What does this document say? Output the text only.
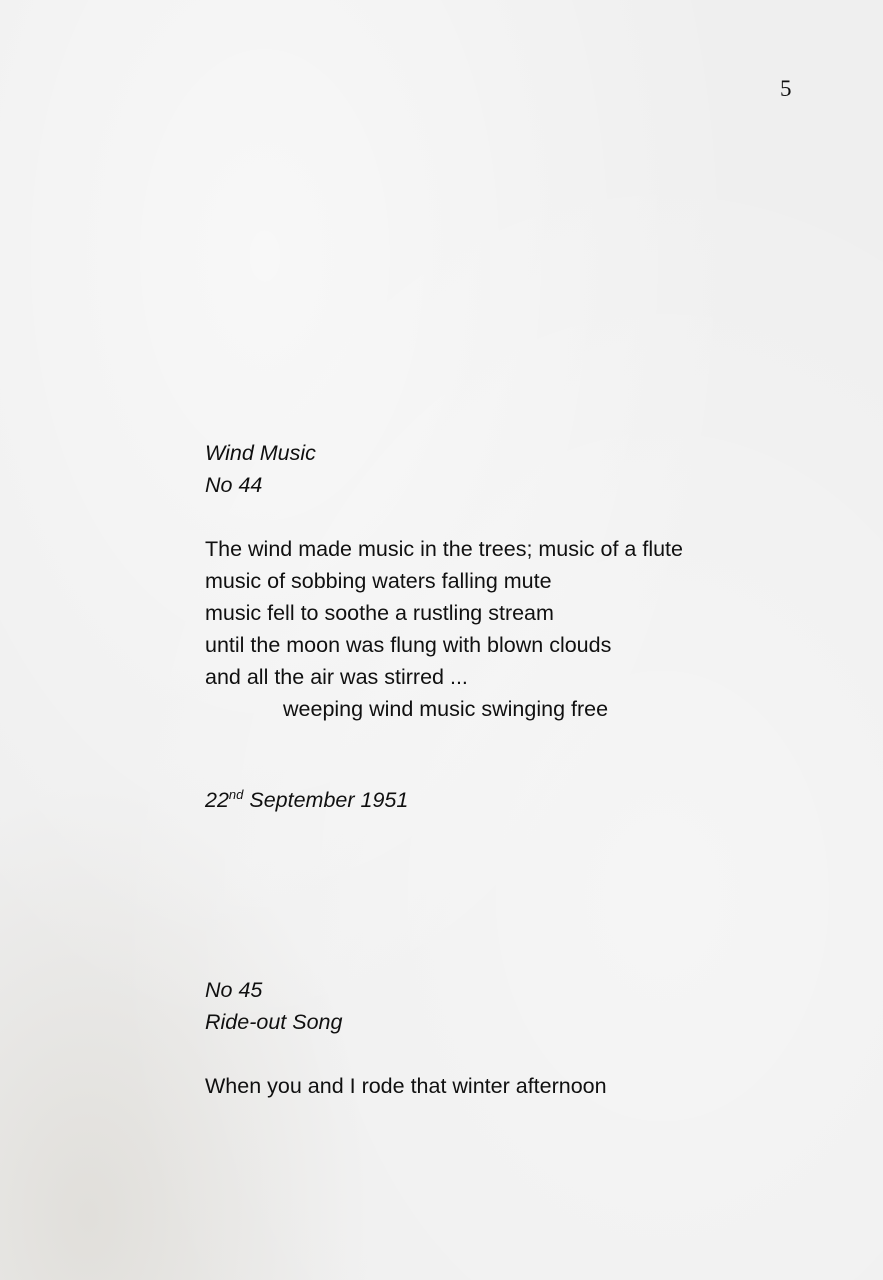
5
Wind Music
No 44
The wind made music in the trees; music of a flute
music of sobbing waters falling mute
music fell to soothe a rustling stream
until the moon was flung with blown clouds
and all the air was stirred ...
weeping wind music swinging free
22nd September 1951
No 45
Ride-out Song
When you and I rode that winter afternoon
